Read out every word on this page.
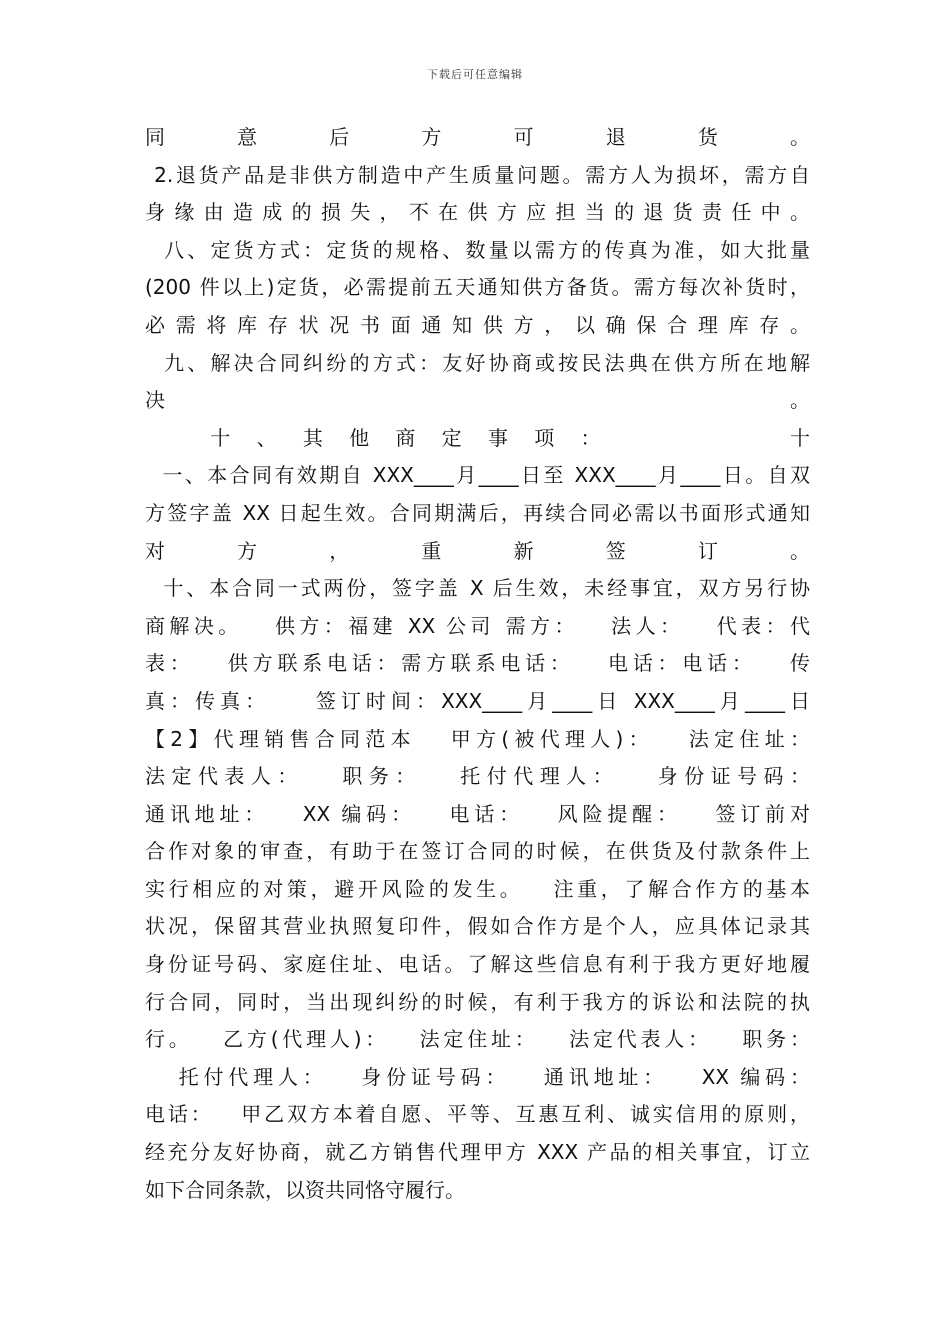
下载后可任意编辑
同意后方可退货。
2.退货产品是非供方制造中产生质量问题。需方人为损坏，需方自
身缘由造成的损失，不在供方应担当的退货责任中。
八、定货方式：定货的规格、数量以需方的传真为准，如大批量
(200 件以上)定货，必需提前五天通知供方备货。需方每次补货时，
必需将库存状况书面通知供方，以确保合理库存。
九、解决合同纠纷的方式：友好协商或按民法典在供方所在地解
决。
十、其他商定事项：     十
一、本合同有效期自 XXX____月____日至 XXX____月____日。自双
方签字盖 XX 日起生效。合同期满后，再续合同必需以书面形式通知
对方，重新签订。
十、本合同一式两份，签字盖 X 后生效，未经事宜，双方另行协
商解决。   供方：福建 XX 公司 需方：   法人：   代表：代
表：   供方联系电话：需方联系电话：   电话：电话：   传
真：传真：    签订时间：XXX____月____日 XXX____月____日
【2】代理销售合同范本   甲方(被代理人)：   法定住址：
法定代表人：   职务：   托付代理人：   身份证号码：
通讯地址：   XX 编码：   电话：   风险提醒：   签订前对
合作对象的审查，有助于在签订合同的时候，在供货及付款条件上
实行相应的对策，避开风险的发生。   注重，了解合作方的基本
状况，保留其营业执照复印件，假如合作方是个人，应具体记录其
身份证号码、家庭住址、电话。了解这些信息有利于我方更好地履
行合同，同时，当出现纠纷的时候，有利于我方的诉讼和法院的执
行。   乙方(代理人)：   法定住址：   法定代表人：   职务：
托付代理人：   身份证号码：   通讯地址：   XX 编码：
电话：   甲乙双方本着自愿、平等、互惠互利、诚实信用的原则，
经充分友好协商，就乙方销售代理甲方 XXX 产品的相关事宜，订立
如下合同条款，以资共同恪守履行。
